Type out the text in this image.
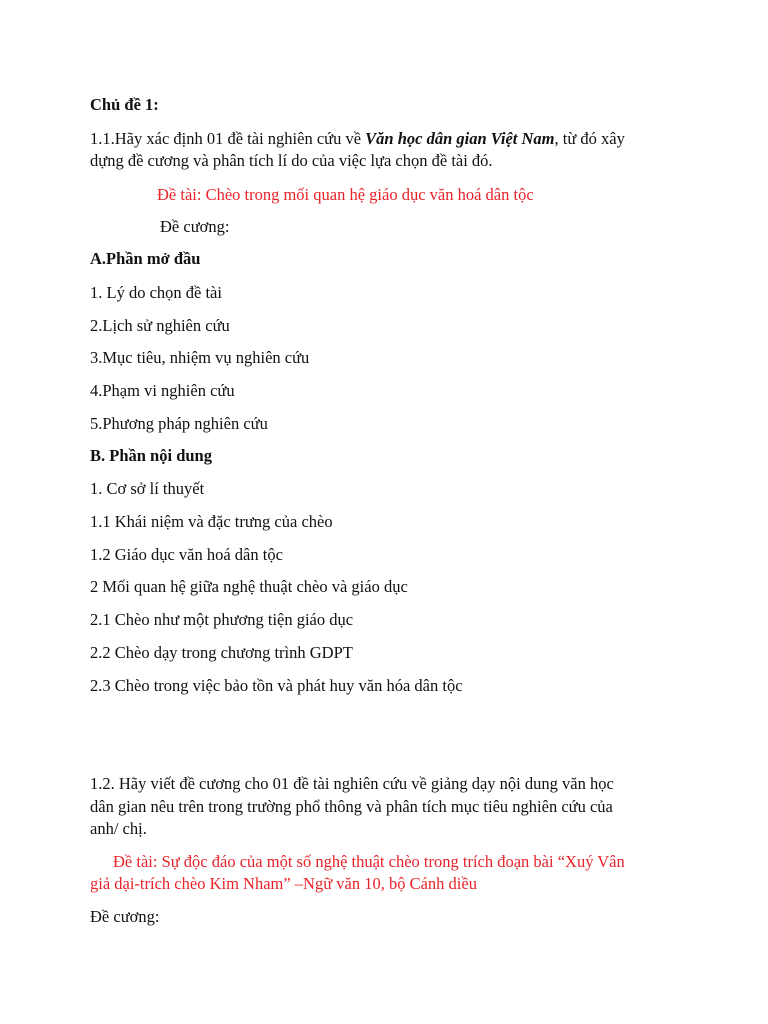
Chủ đề 1:
1.1.Hãy xác định 01 đề tài nghiên cứu về Văn học dân gian Việt Nam, từ đó xây
dựng đề cương và phân tích lí do của việc lựa chọn đề tài đó.
Đề tài: Chèo trong mối quan hệ giáo dục văn hoá dân tộc
Đề cương:
A.Phần mở đầu
1. Lý do chọn đề tài
2.Lịch sử nghiên cứu
3.Mục tiêu, nhiệm vụ nghiên cứu
4.Phạm vi nghiên cứu
5.Phương pháp nghiên cứu
B. Phần nội dung
1. Cơ sở lí thuyết
1.1 Khái niệm và đặc trưng của chèo
1.2 Giáo dục văn hoá dân tộc
2 Mối quan hệ giữa nghệ thuật chèo và giáo dục
2.1 Chèo như một phương tiện giáo dục
2.2 Chèo dạy trong chương trình GDPT
2.3 Chèo trong việc bảo tồn và phát huy văn hóa dân tộc
1.2. Hãy viết đề cương cho 01 đề tài nghiên cứu về giảng dạy nội dung văn học
dân gian nêu trên trong trường phổ thông và phân tích mục tiêu nghiên cứu của
anh/ chị.
Đề tài: Sự độc đáo của một số nghệ thuật chèo trong trích đoạn bài “Xuý Vân
giả dại-trích chèo Kim Nham” –Ngữ văn 10, bộ Cánh diều
Đề cương:
